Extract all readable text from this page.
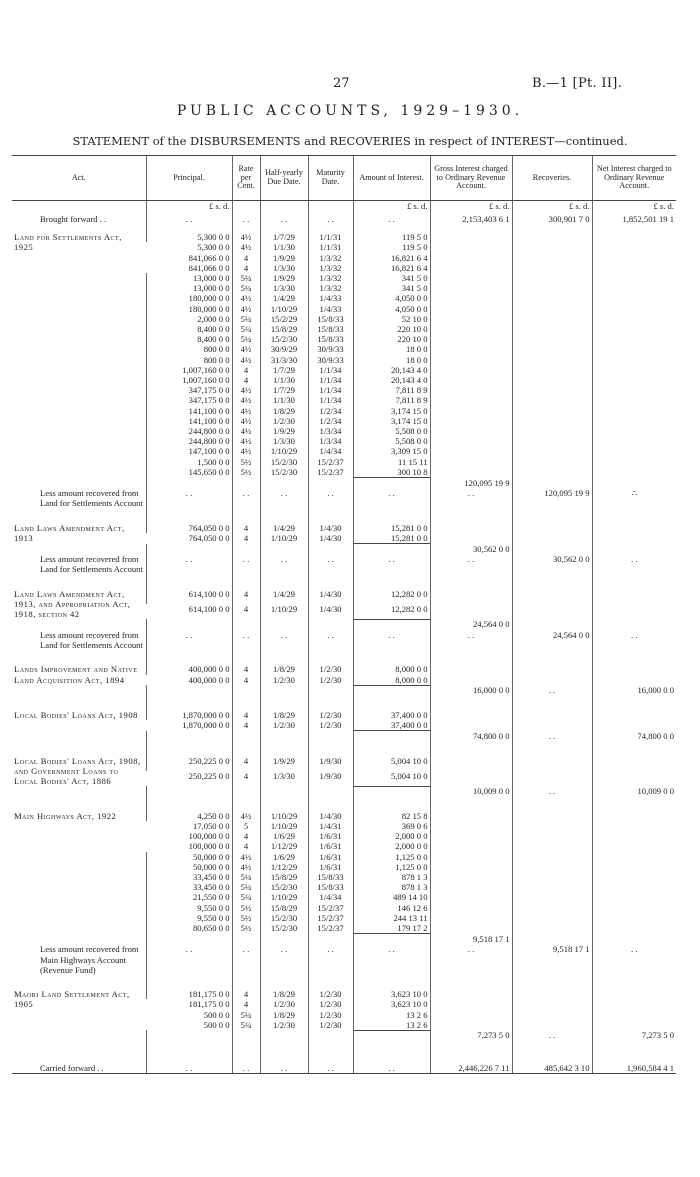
27	B.—1 [Pt. II].
PUBLIC ACCOUNTS, 1929–1930.
STATEMENT of the DISBURSEMENTS and RECOVERIES in respect of INTEREST—continued.
Act.	Principal.	Rate per Cent.	Half-yearly Due Date.	Maturity Date.	Amount of Interest.	Gross Interest charged to Ordinary Revenue Account.	Recoveries.	Net Interest charged to Ordinary Revenue Account.
	£ s. d.				£ s. d.	£ s. d.	£ s. d.	£ s. d.
Brought forward . .	. .	. .	. .	. .	. .	2,153,403 6 1	300,901 7 0	1,852,501 19 1

Land for Settlements Act, 1925	5,300 0 0	4½	1/7/29	1/1/31	119 5 0			
	5,300 0 0	4½	1/1/30	1/1/31	119 5 0			
	841,066 0 0	4	1/9/29	1/3/32	16,821 6 4			
	841,066 0 0	4	1/3/30	1/3/32	16,821 6 4			
	13,000 0 0	5¼	1/9/29	1/3/32	341 5 0			
	13,000 0 0	5¼	1/3/30	1/3/32	341 5 0			
	180,000 0 0	4½	1/4/29	1/4/33	4,050 0 0			
	180,000 0 0	4½	1/10/29	1/4/33	4,050 0 0			
	2,000 0 0	5¼	15/2/29	15/8/33	52 10 0			
	8,400 0 0	5¼	15/8/29	15/8/33	220 10 0			
	8,400 0 0	5¼	15/2/30	15/8/33	220 10 0			
	800 0 0	4½	30/9/29	30/9/33	18 0 0			
	800 0 0	4½	31/3/30	30/9/33	18 0 0			
	1,007,160 0 0	4	1/7/29	1/1/34	20,143 4 0			
	1,007,160 0 0	4	1/1/30	1/1/34	20,143 4 0			
	347,175 0 0	4½	1/7/29	1/1/34	7,811 8 9			
	347,175 0 0	4½	1/1/30	1/1/34	7,811 8 9			
	141,100 0 0	4½	1/8/29	1/2/34	3,174 15 0			
	141,100 0 0	4½	1/2/30	1/2/34	3,174 15 0			
	244,800 0 0	4½	1/9/29	1/3/34	5,508 0 0			
	244,800 0 0	4½	1/3/30	1/3/34	5,508 0 0			
	147,100 0 0	4½	1/10/29	1/4/34	3,309 15 0			
	1,500 0 0	5½	15/2/30	15/2/37	11 15 11			
	145,650 0 0	5½	15/2/30	15/2/37	300 10 8			
						120,095 19 9		
Less amount recovered from Land for Settlements Account	. .	. .	. .	. .	. .	. .	120,095 19 9	∴

Land Laws Amendment Act, 1913	764,050 0 0	4	1/4/29	1/4/30	15,281 0 0			
	764,050 0 0	4	1/10/29	1/4/30	15,281 0 0			
						30,562 0 0		
Less amount recovered from Land for Settlements Account	. .	. .	. .	. .	. .	. .	30,562 0 0	. .

Land Laws Amendment Act, 1913, and Appropriation Act, 1918, section 42	614,100 0 0	4	1/4/29	1/4/30	12,282 0 0			
	614,100 0 0	4	1/10/29	1/4/30	12,282 0 0			
						24,564 0 0		
Less amount recovered from Land for Settlements Account	. .	. .	. .	. .	. .	. .	24,564 0 0	. .

Lands Improvement and Native Land Acquisition Act, 1894	400,000 0 0	4	1/8/29	1/2/30	8,000 0 0			
	400,000 0 0	4	1/2/30	1/2/30	8,000 0 0			
						16,000 0 0	. .	16,000 0 0

Local Bodies' Loans Act, 1908	1,870,000 0 0	4	1/8/29	1/2/30	37,400 0 0			
	1,870,000 0 0	4	1/2/30	1/2/30	37,400 0 0			
						74,800 0 0	. .	74,800 0 0

Local Bodies' Loans Act, 1908, and Government Loans to Local Bodies' Act, 1886	250,225 0 0	4	1/9/29	1/9/30	5,004 10 0			
	250,225 0 0	4	1/3/30	1/9/30	5,004 10 0			
						10,009 0 0	. .	10,009 0 0

Main Highways Act, 1922	4,250 0 0	4½	1/10/29	1/4/30	82 15 8			
	17,050 0 0	5	1/10/29	1/4/31	369 0 6			
	100,000 0 0	4	1/6/29	1/6/31	2,000 0 0			
	100,000 0 0	4	1/12/29	1/6/31	2,000 0 0			
	50,000 0 0	4½	1/6/29	1/6/31	1,125 0 0			
	50,000 0 0	4½	1/12/29	1/6/31	1,125 0 0			
	33,450 0 0	5¼	15/8/29	15/8/33	878 1 3			
	33,450 0 0	5¼	15/2/30	15/8/33	878 1 3			
	21,550 0 0	5¼	1/10/29	1/4/34	489 14 10			
	9,550 0 0	5½	15/8/29	15/2/37	146 12 6			
	9,550 0 0	5½	15/2/30	15/2/37	244 13 11			
	80,650 0 0	5½	15/2/30	15/2/37	179 17 2			
						9,518 17 1		
Less amount recovered from Main Highways Account (Revenue Fund)	. .	. .	. .	. .	. .	. .	9,518 17 1	. .

Maori Land Settlement Act, 1905	181,175 0 0	4	1/8/29	1/2/30	3,623 10 0			
	181,175 0 0	4	1/2/30	1/2/30	3,623 10 0			
	500 0 0	5¼	1/8/29	1/2/30	13 2 6			
	500 0 0	5¼	1/2/30	1/2/30	13 2 6			
						7,273 5 0	. .	7,273 5 0

Carried forward . .	. .	. .	. .	. .	. .	2,446,226 7 11	485,642 3 10	1,960,584 4 1
